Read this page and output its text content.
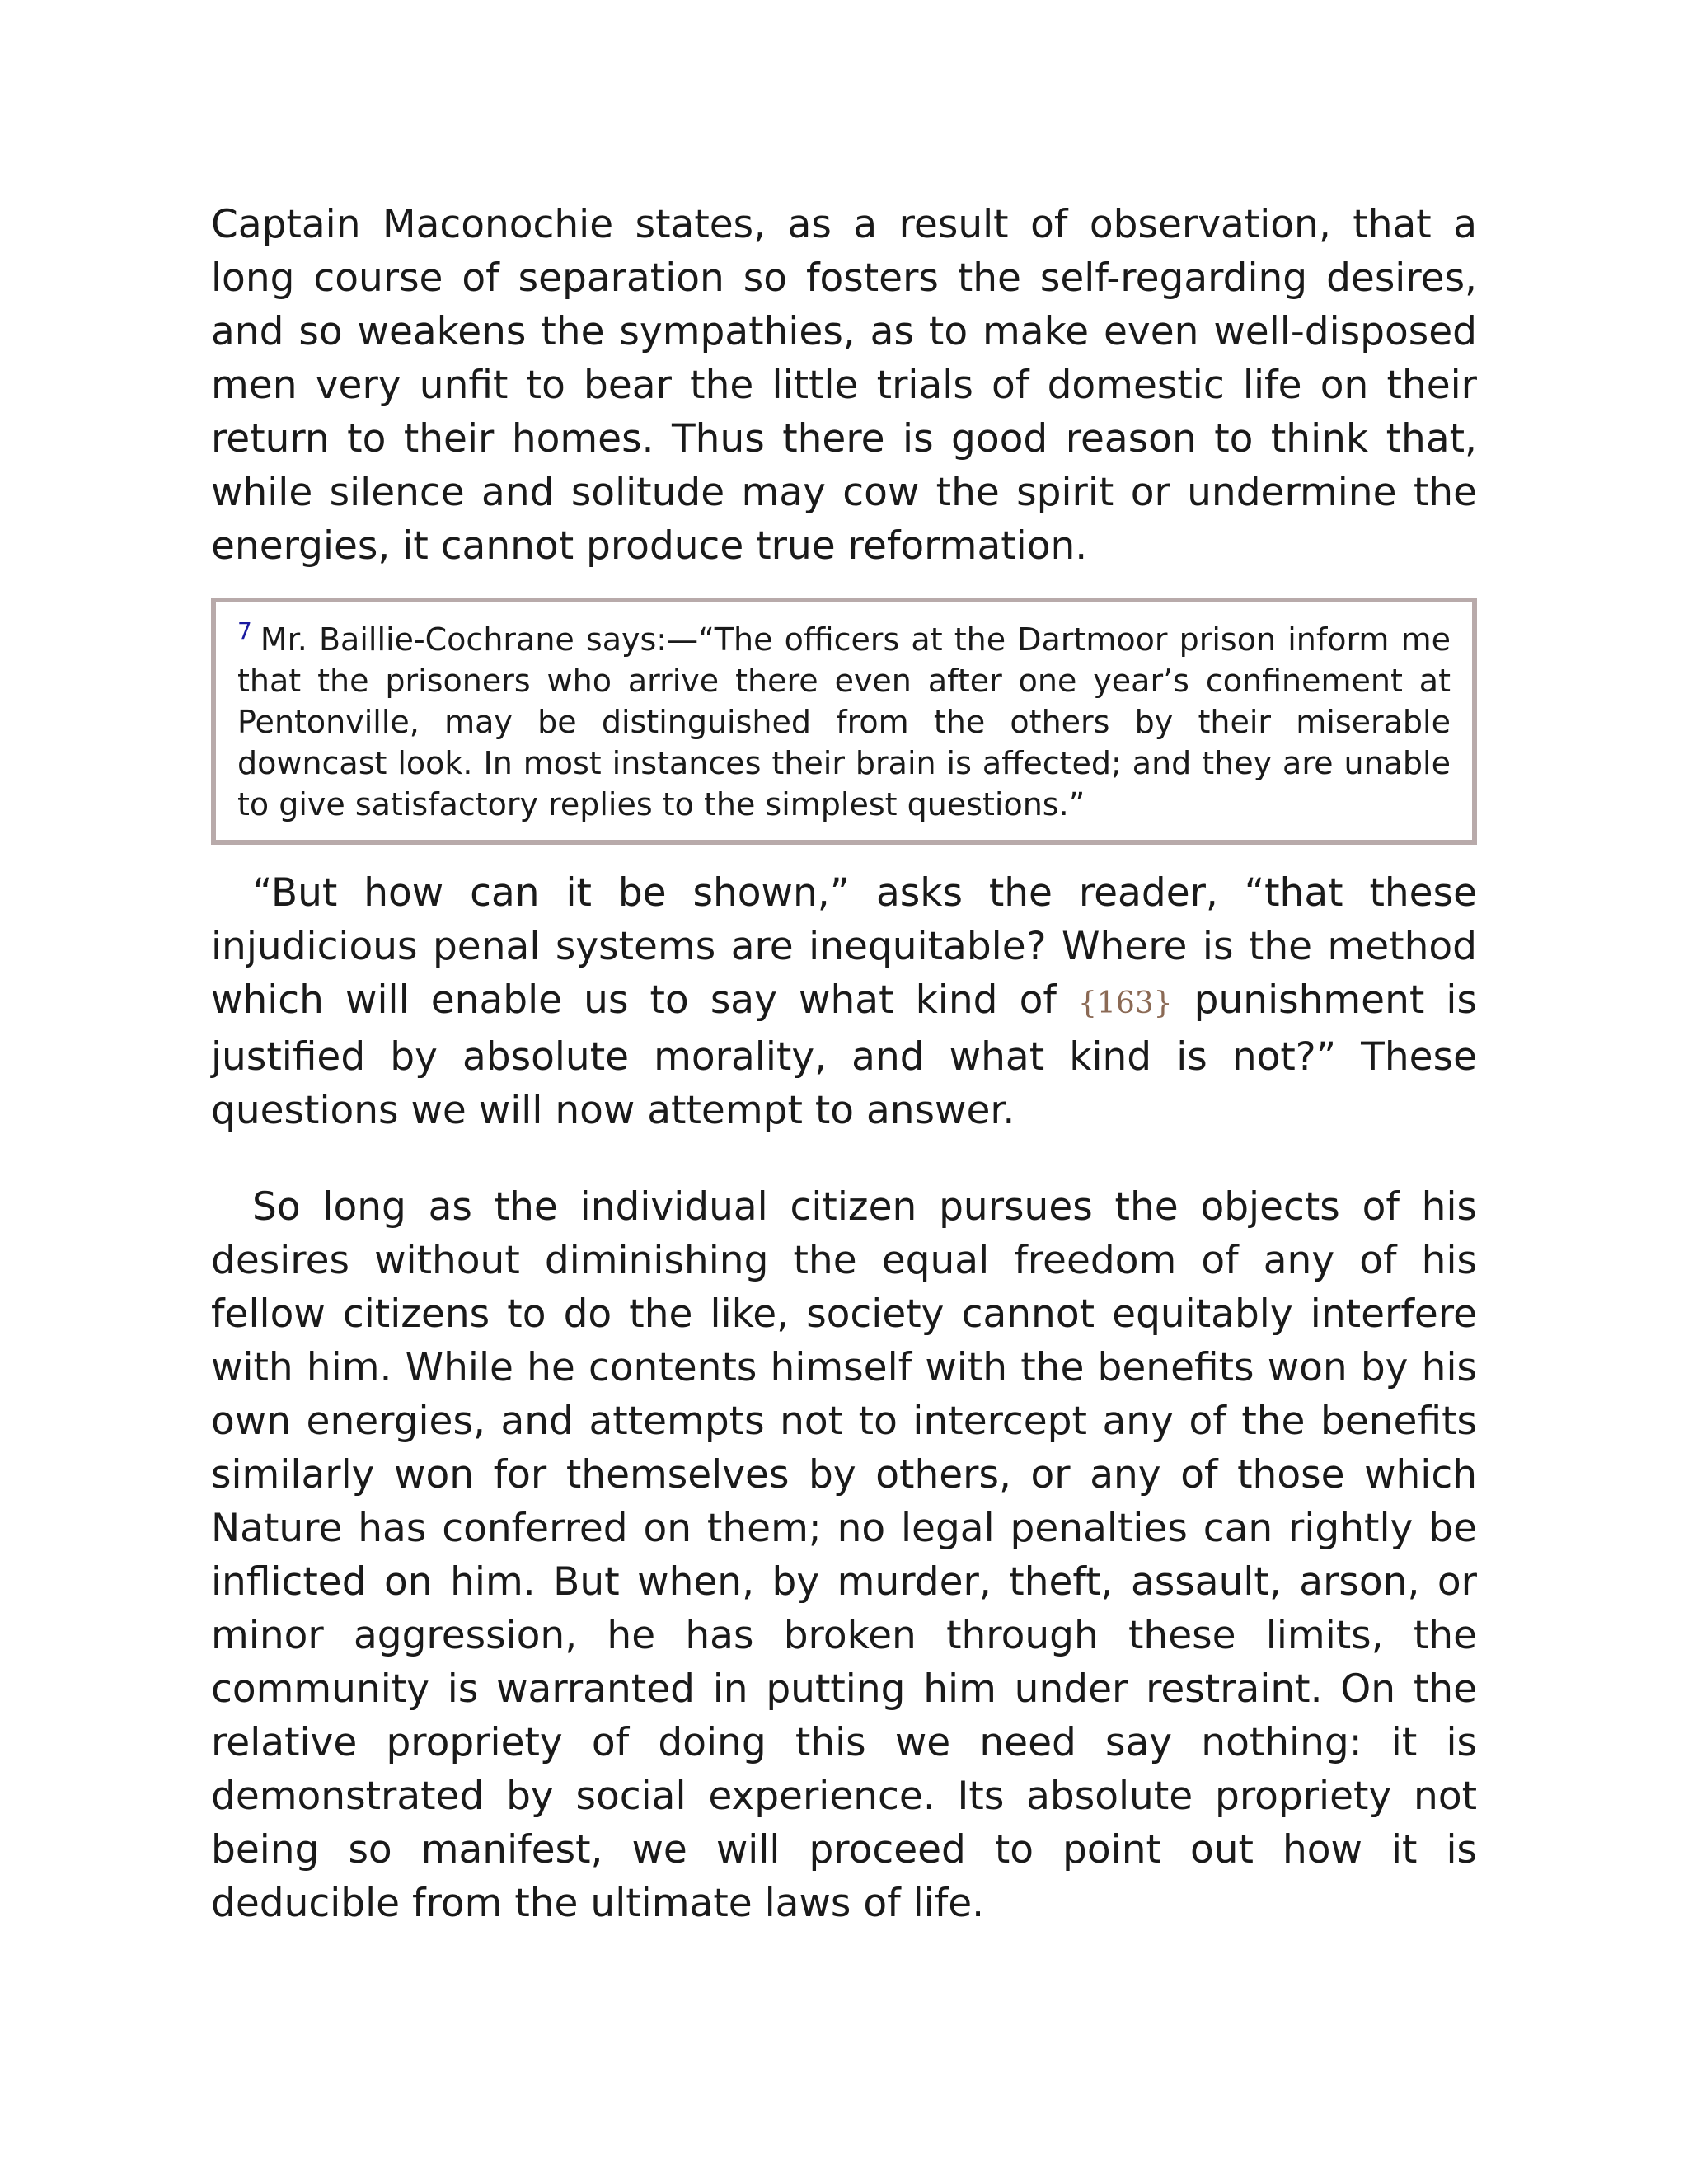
Captain Maconochie states, as a result of observation, that a long course of separation so fosters the self-regarding desires, and so weakens the sympathies, as to make even well-disposed men very unfit to bear the little trials of domestic life on their return to their homes. Thus there is good reason to think that, while silence and solitude may cow the spirit or undermine the energies, it cannot produce true reformation.

$^7$ Mr. Baillie-Cochrane says:—“The officers at the Dartmoor prison inform me that the prisoners who arrive there even after one year’s confinement at Pentonville, may be distinguished from the others by their miserable downcast look. In most instances their brain is affected; and they are unable to give satisfactory replies to the simplest questions.”

“But how can it be shown,” asks the reader, “that these injudicious penal systems are inequitable? Where is the method which will enable us to say what kind of {163} punishment is justified by absolute morality, and what kind is not?” These questions we will now attempt to answer.

So long as the individual citizen pursues the objects of his desires without diminishing the equal freedom of any of his fellow citizens to do the like, society cannot equitably interfere with him. While he contents himself with the benefits won by his own energies, and attempts not to intercept any of the benefits similarly won for themselves by others, or any of those which Nature has conferred on them; no legal penalties can rightly be inflicted on him. But when, by murder, theft, assault, arson, or minor aggression, he has broken through these limits, the community is warranted in putting him under restraint. On the relative propriety of doing this we need say nothing: it is demonstrated by social experience. Its absolute propriety not being so manifest, we will proceed to point out how it is deducible from the ultimate laws of life.
